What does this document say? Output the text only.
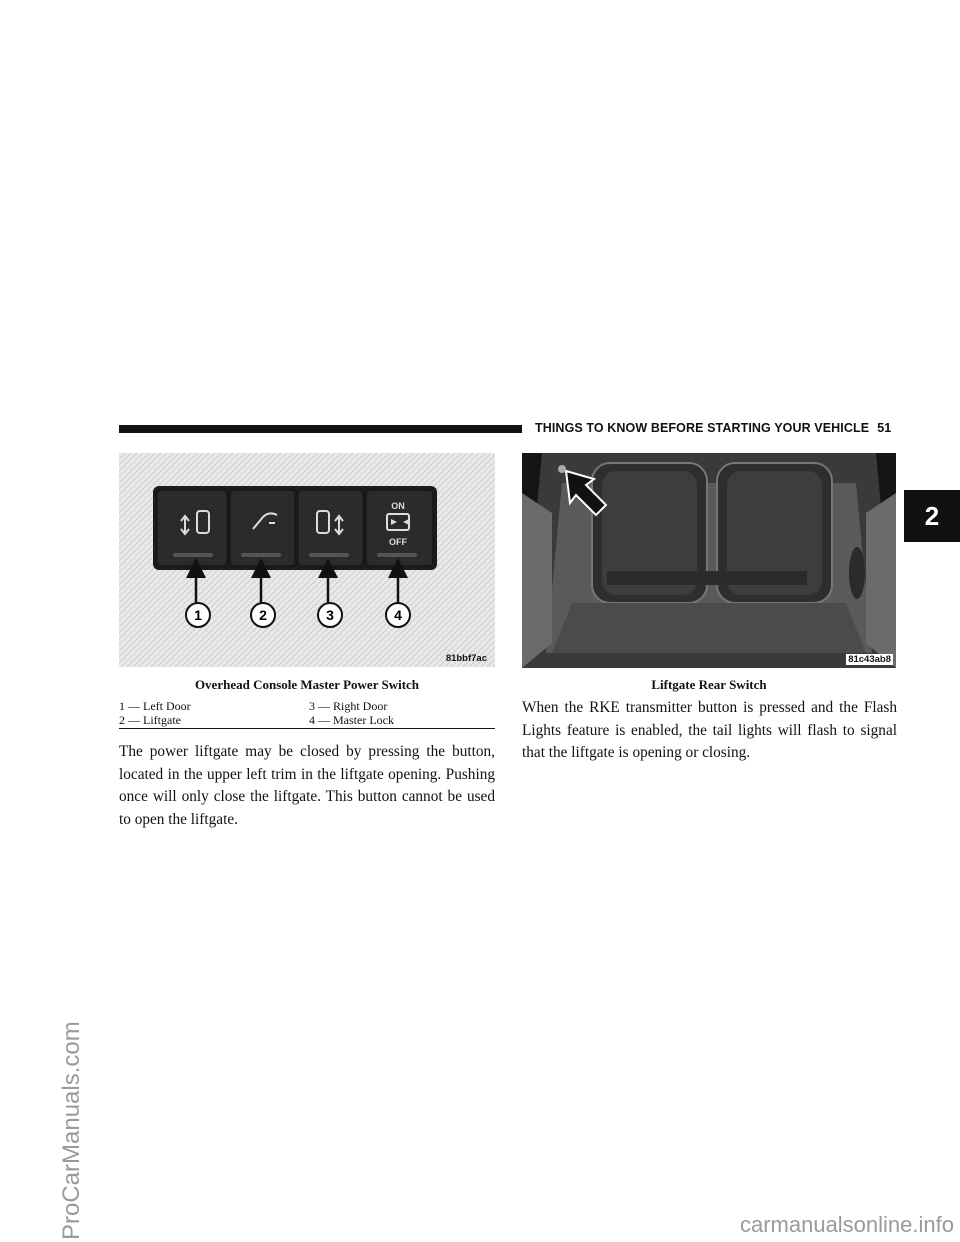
THINGS TO KNOW BEFORE STARTING YOUR VEHICLE 51
2
ProCarManuals.com	carmanualsonline.info
ON
OFF
1	2	3	4
81bbf7ac	81c43ab8
Overhead Console Master Power Switch	Liftgate Rear Switch
1 — Left Door	3 — Right Door
2 — Liftgate	4 — Master Lock

The power liftgate may be closed by pressing the button, located in the upper left trim in the liftgate opening. Pushing once will only close the liftgate. This button cannot be used to open the liftgate.

When the RKE transmitter button is pressed and the Flash Lights feature is enabled, the tail lights will flash to signal that the liftgate is opening or closing.
